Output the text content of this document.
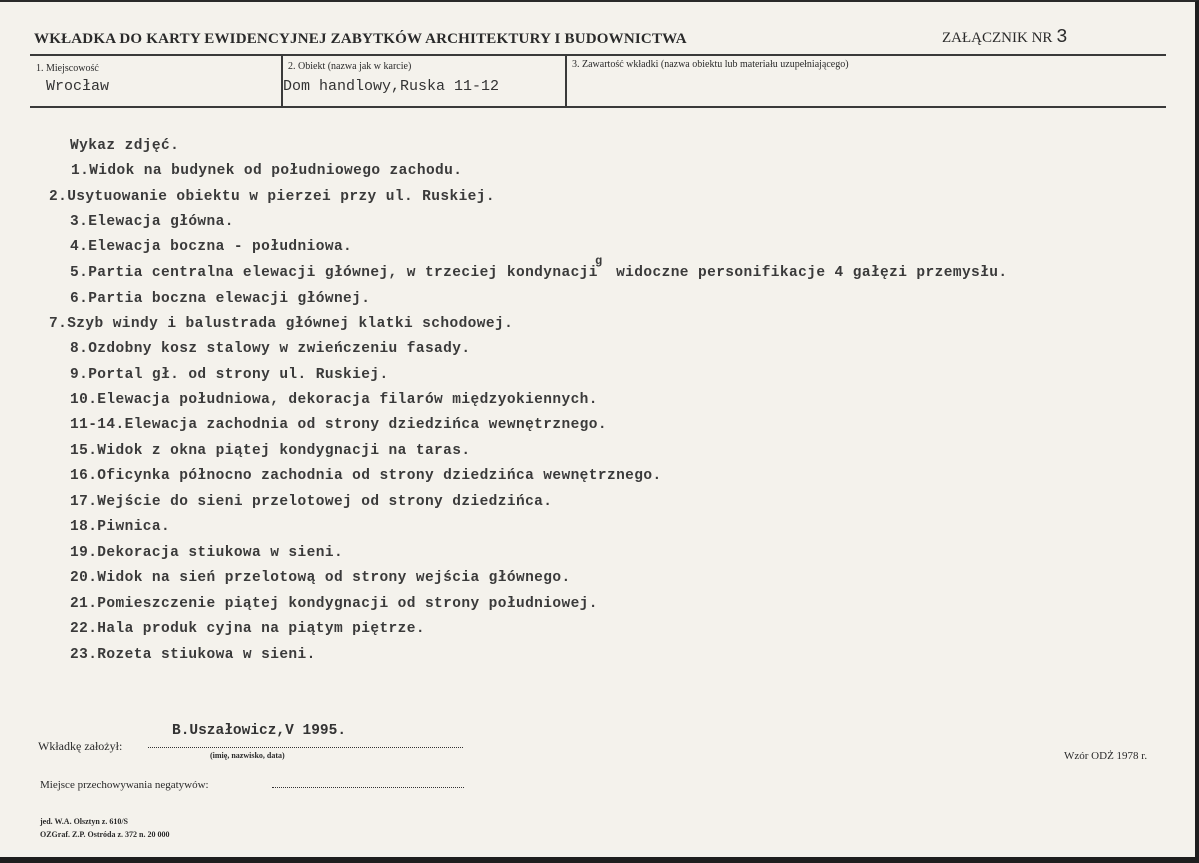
WKŁADKA DO KARTY EWIDENCYJNEJ ZABYTKÓW ARCHITEKTURY I BUDOWNICTWA	ZAŁĄCZNIK NR 3
1. Miejscowość
Wrocław
2. Obiekt (nazwa jak w karcie)
Dom handlowy,Ruska 11-12
3. Zawartość wkładki (nazwa obiektu lub materiału uzupełniającego)
Wykaz zdjęć.
1.Widok na budynek od południowego zachodu.
2.Usytuowanie obiektu w pierzei przy ul. Ruskiej.
3.Elewacja główna.
4.Elewacja boczna - południowa.
5.Partia centralna elewacji głównej, w trzeciej kondynacji  widoczne personifikacje 4 gałęzi przemysłu.
6.Partia boczna elewacji głównej.
7.Szyb windy i balustrada głównej klatki schodowej.
8.Ozdobny kosz stalowy w zwieńczeniu fasady.
9.Portal gł. od strony ul. Ruskiej.
10.Elewacja południowa, dekoracja filarów międzyokiennych.
11-14.Elewacja zachodnia od strony dziedzińca wewnętrznego.
15.Widok z okna piątej kondygnacji na taras.
16.Oficynka północno zachodnia od strony dziedzińca wewnętrznego.
17.Wejście do sieni przelotowej od strony dziedzińca.
18.Piwnica.
19.Dekoracja stiukowa w sieni.
20.Widok na sień przelotową od strony wejścia głównego.
21.Pomieszczenie piątej kondygnacji od strony południowej.
22.Hala produk cyjna na piątym piętrze.
23.Rozeta stiukowa w sieni.
g
Wkładkę założył:
B.Uszałowicz,V 1995.
(imię, nazwisko, data)	Wzór ODŻ 1978 r.
Miejsce przechowywania negatywów:
jed. W.A. Olsztyn z. 610/S
OZGraf. Z.P. Ostróda z. 372 n. 20 000
